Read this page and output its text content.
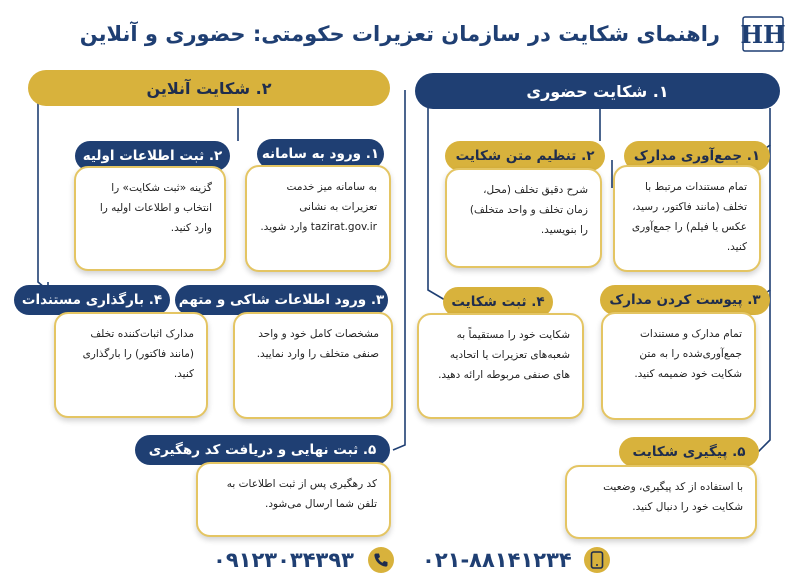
HH
راهنمای شکایت در سازمان تعزیرات حکومتی: حضوری و آنلاین
۱. شکایت حضوری
۲. شکایت آنلاین
۱. جمع‌آوری مدارک
تمام مستندات مرتبط با تخلف (مانند فاکتور، رسید، عکس یا فیلم) را جمع‌آوری کنید.
۲. تنظیم متن شکایت
شرح دقیق تخلف (محل، زمان تخلف و واحد متخلف) را بنویسید.
۳. پیوست کردن مدارک
تمام مدارک و مستندات جمع‌آوری‌شده را به متن شکایت خود ضمیمه کنید.
۴. ثبت شکایت
شکایت خود را مستقیماً به شعبه‌های تعزیرات یا اتحادیه های صنفی مربوطه ارائه دهید.
۵. پیگیری شکایت
با استفاده از کد پیگیری، وضعیت شکایت خود را دنبال کنید.
۱. ورود به سامانه
به سامانه میز خدمت تعزیرات به نشانی tazirat.gov.ir وارد شوید.
۲. ثبت اطلاعات اولیه
گزینه «ثبت شکایت» را انتخاب و اطلاعات اولیه را وارد کنید.
۳. ورود اطلاعات شاکی و متهم
مشخصات کامل خود و واحد صنفی متخلف را وارد نمایید.
۴. بارگذاری مستندات
مدارک اثبات‌کننده تخلف (مانند فاکتور) را بارگذاری کنید.
۵. ثبت نهایی و دریافت کد رهگیری
کد رهگیری پس از ثبت اطلاعات به تلفن شما ارسال می‌شود.
۰۲۱-۸۸۱۴۱۲۳۴
۰۹۱۲۳۰۳۴۳۹۳
